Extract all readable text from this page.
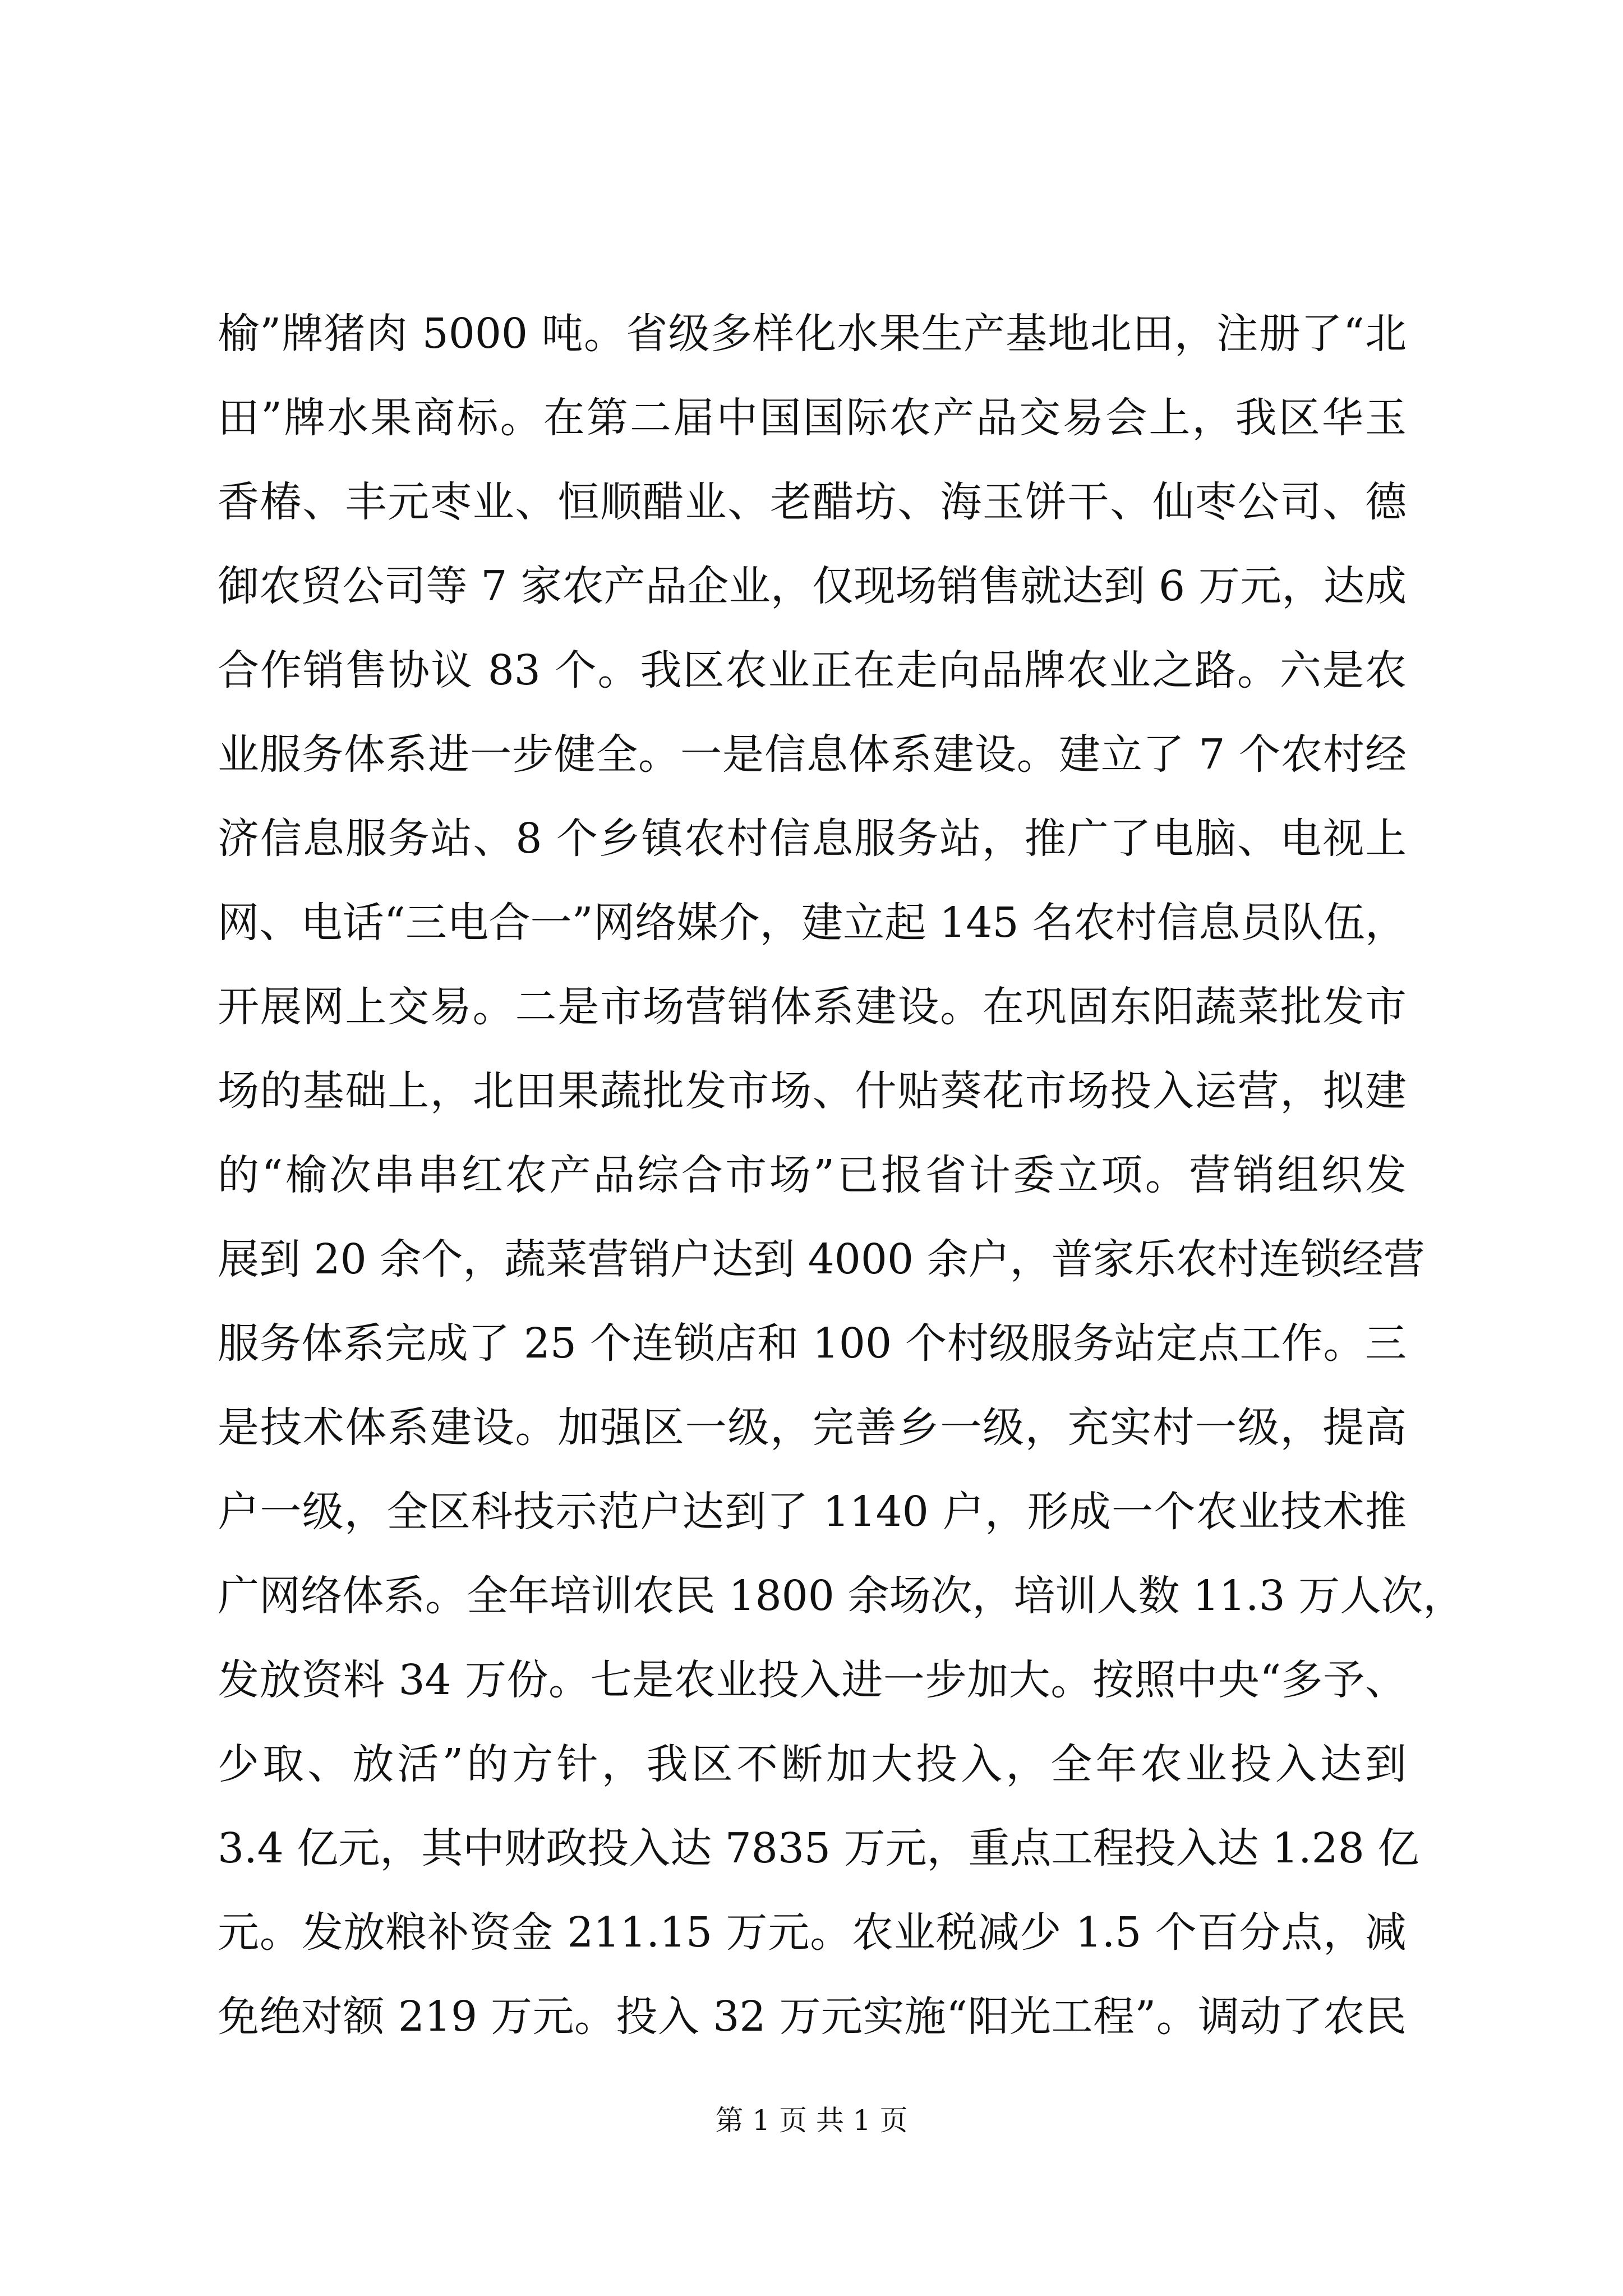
榆”牌猪肉 5000 吨。省级多样化水果生产基地北田，注册了“北
田”牌水果商标。在第二届中国国际农产品交易会上，我区华玉
香椿、丰元枣业、恒顺醋业、老醋坊、海玉饼干、仙枣公司、德
御农贸公司等 7 家农产品企业，仅现场销售就达到 6 万元，达成
合作销售协议 83 个。我区农业正在走向品牌农业之路。六是农
业服务体系进一步健全。一是信息体系建设。建立了 7 个农村经
济信息服务站、8 个乡镇农村信息服务站，推广了电脑、电视上
网、电话“三电合一”网络媒介，建立起 145 名农村信息员队伍，
开展网上交易。二是市场营销体系建设。在巩固东阳蔬菜批发市
场的基础上，北田果蔬批发市场、什贴葵花市场投入运营，拟建
的“榆次串串红农产品综合市场”已报省计委立项。营销组织发
展到 20 余个，蔬菜营销户达到 4000 余户，普家乐农村连锁经营
服务体系完成了 25 个连锁店和 100 个村级服务站定点工作。三
是技术体系建设。加强区一级，完善乡一级，充实村一级，提高
户一级，全区科技示范户达到了 1140 户，形成一个农业技术推
广网络体系。全年培训农民 1800 余场次，培训人数 11.3 万人次，
发放资料 34 万份。七是农业投入进一步加大。按照中央“多予、
少取、放活”的方针，我区不断加大投入，全年农业投入达到
3.4 亿元，其中财政投入达 7835 万元，重点工程投入达 1.28 亿
元。发放粮补资金 211.15 万元。农业税减少 1.5 个百分点，减
免绝对额 219 万元。投入 32 万元实施“阳光工程”。调动了农民
第 1 页 共 1 页
